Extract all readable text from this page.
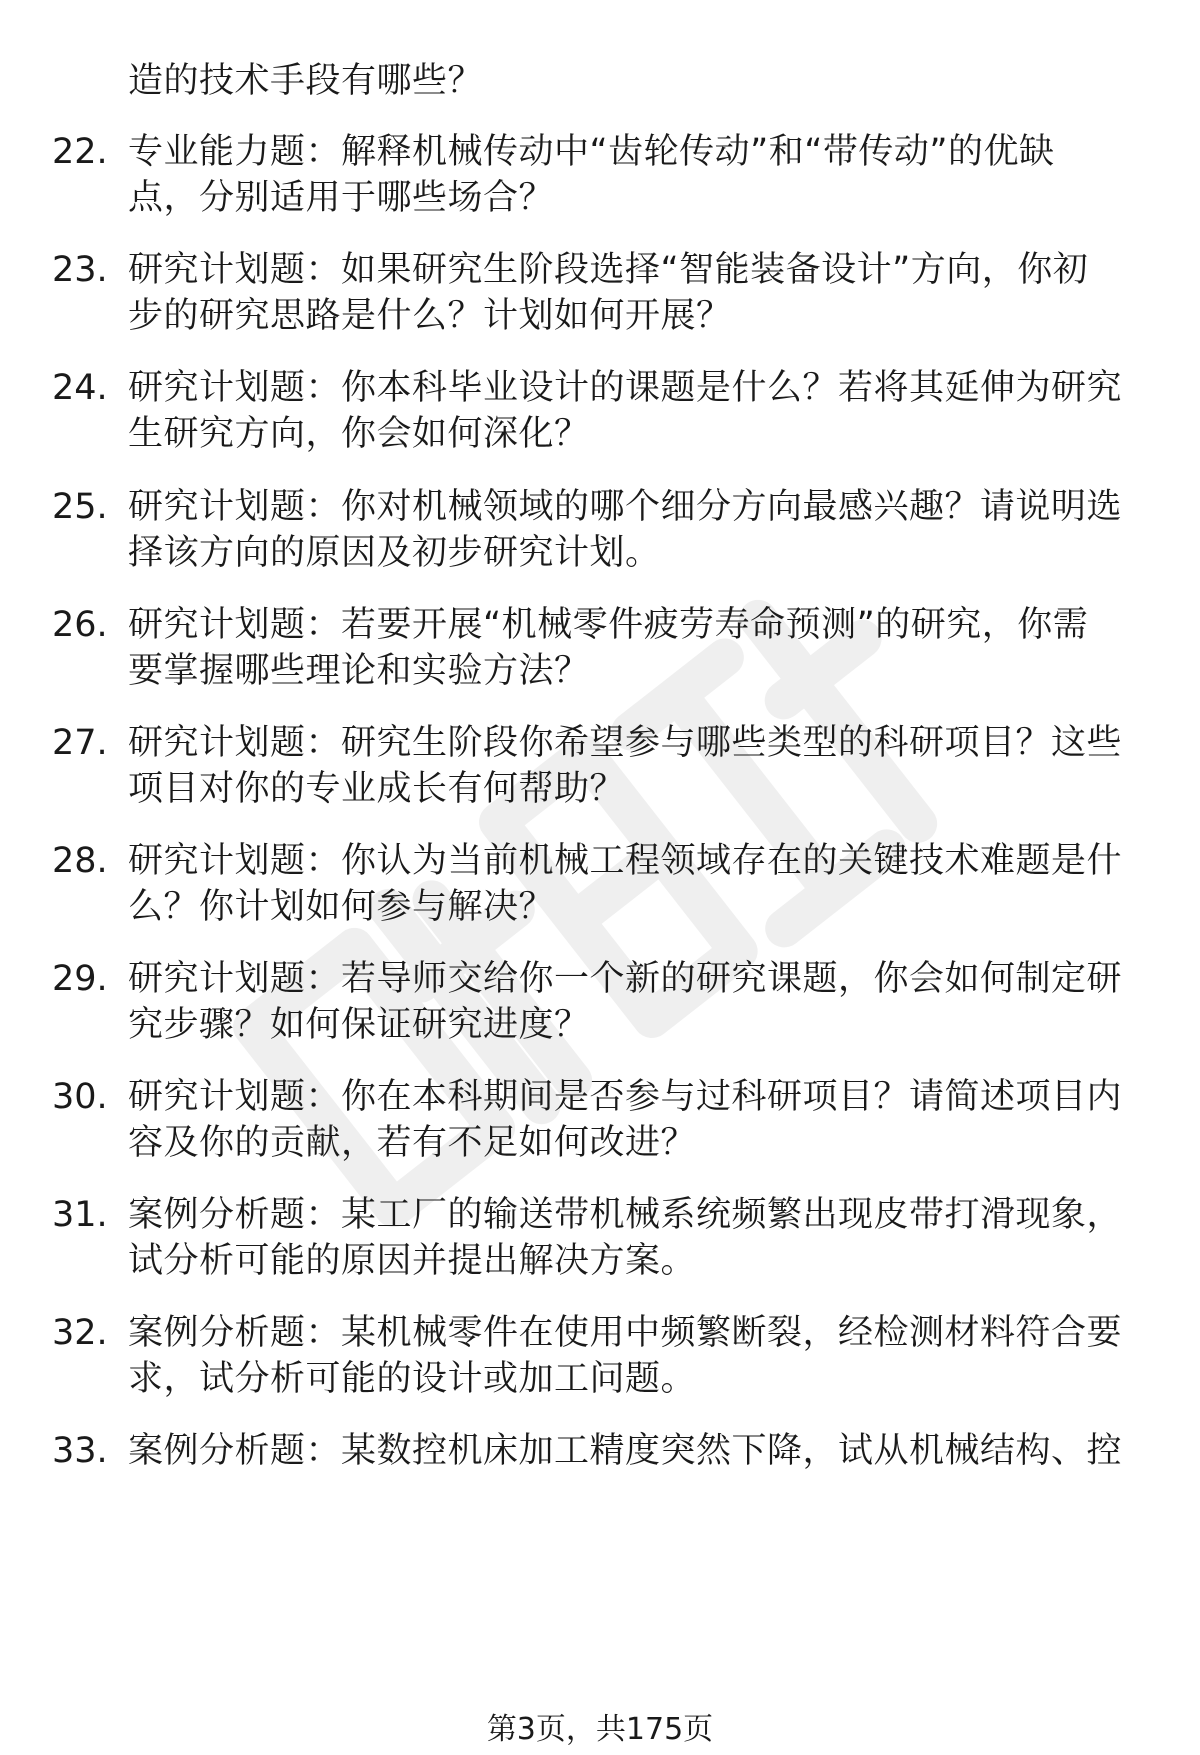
造的技术手段有哪些？
22. 专业能力题：解释机械传动中“齿轮传动”和“带传动”的优缺
点，分别适用于哪些场合？
23. 研究计划题：如果研究生阶段选择“智能装备设计”方向，你初
步的研究思路是什么？计划如何开展？
24. 研究计划题：你本科毕业设计的课题是什么？若将其延伸为研究
生研究方向，你会如何深化？
25. 研究计划题：你对机械领域的哪个细分方向最感兴趣？请说明选
择该方向的原因及初步研究计划。
26. 研究计划题：若要开展“机械零件疲劳寿命预测”的研究，你需
要掌握哪些理论和实验方法？
27. 研究计划题：研究生阶段你希望参与哪些类型的科研项目？这些
项目对你的专业成长有何帮助？
28. 研究计划题：你认为当前机械工程领域存在的关键技术难题是什
么？你计划如何参与解决？
29. 研究计划题：若导师交给你一个新的研究课题，你会如何制定研
究步骤？如何保证研究进度？
30. 研究计划题：你在本科期间是否参与过科研项目？请简述项目内
容及你的贡献，若有不足如何改进？
31. 案例分析题：某工厂的输送带机械系统频繁出现皮带打滑现象，
试分析可能的原因并提出解决方案。
32. 案例分析题：某机械零件在使用中频繁断裂，经检测材料符合要
求，试分析可能的设计或加工问题。
33. 案例分析题：某数控机床加工精度突然下降，试从机械结构、控
第3页，共175页
